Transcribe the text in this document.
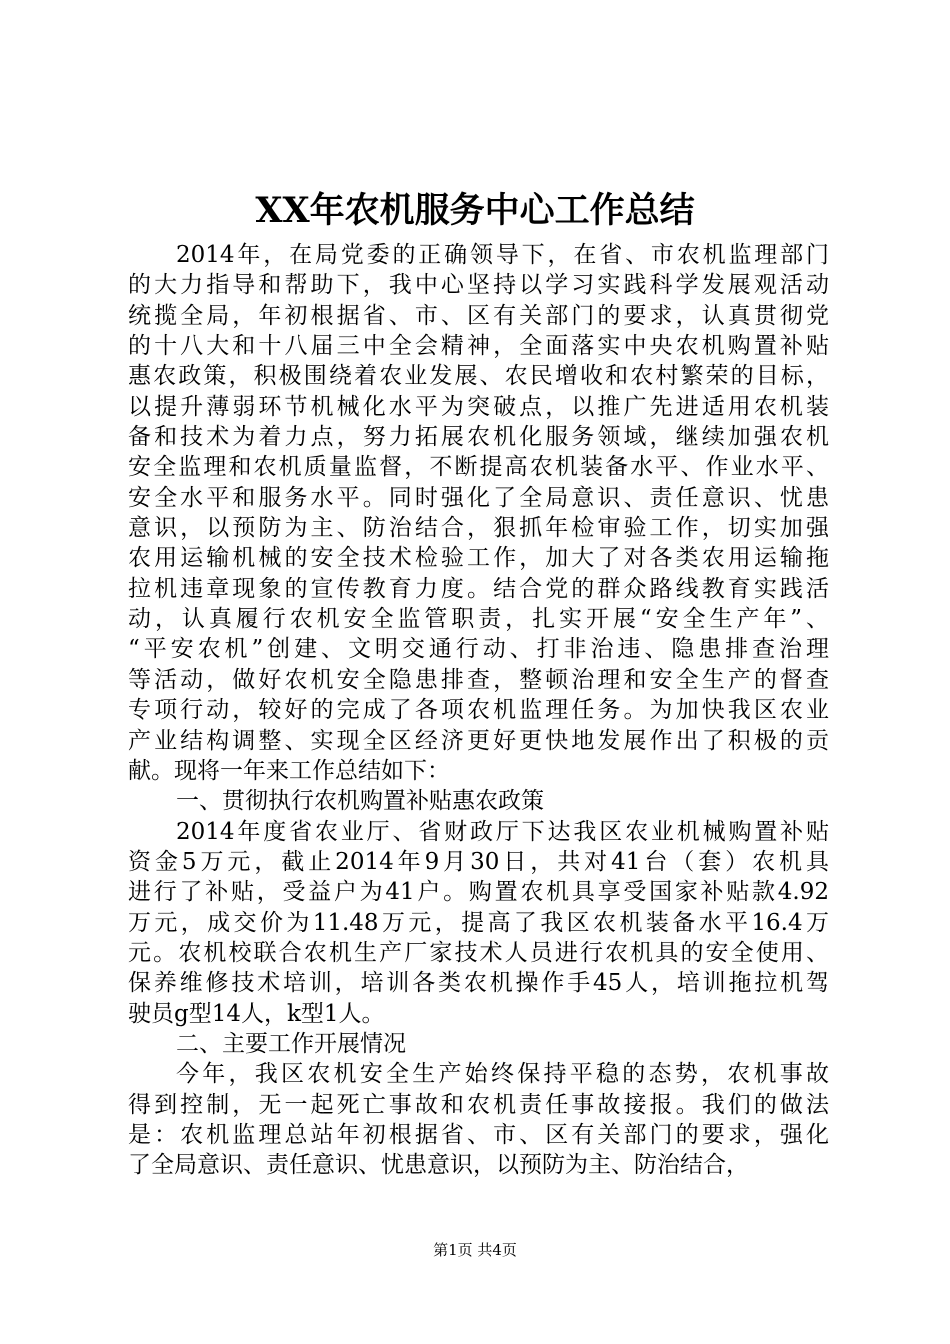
XX年农机服务中心工作总结
2014年，在局党委的正确领导下，在省、市农机监理部门
的大力指导和帮助下，我中心坚持以学习实践科学发展观活动
统揽全局，年初根据省、市、区有关部门的要求，认真贯彻党
的十八大和十八届三中全会精神，全面落实中央农机购置补贴
惠农政策，积极围绕着农业发展、农民增收和农村繁荣的目标，
以提升薄弱环节机械化水平为突破点，以推广先进适用农机装
备和技术为着力点，努力拓展农机化服务领域，继续加强农机
安全监理和农机质量监督，不断提高农机装备水平、作业水平、
安全水平和服务水平。同时强化了全局意识、责任意识、忧患
意识，以预防为主、防治结合，狠抓年检审验工作，切实加强
农用运输机械的安全技术检验工作，加大了对各类农用运输拖
拉机违章现象的宣传教育力度。结合党的群众路线教育实践活
动，认真履行农机安全监管职责，扎实开展“安全生产年”、
“平安农机”创建、文明交通行动、打非治违、隐患排查治理
等活动，做好农机安全隐患排查，整顿治理和安全生产的督查
专项行动，较好的完成了各项农机监理任务。为加快我区农业
产业结构调整、实现全区经济更好更快地发展作出了积极的贡
献。现将一年来工作总结如下：
一、贯彻执行农机购置补贴惠农政策
2014年度省农业厅、省财政厅下达我区农业机械购置补贴
资金5万元，截止2014年9月30日，共对41台（套）农机具
进行了补贴，受益户为41户。购置农机具享受国家补贴款4.92
万元，成交价为11.48万元，提高了我区农机装备水平16.4万
元。农机校联合农机生产厂家技术人员进行农机具的安全使用、
保养维修技术培训，培训各类农机操作手45人，培训拖拉机驾
驶员g型14人，k型1人。
二、主要工作开展情况
今年，我区农机安全生产始终保持平稳的态势，农机事故
得到控制，无一起死亡事故和农机责任事故接报。我们的做法
是：农机监理总站年初根据省、市、区有关部门的要求，强化
了全局意识、责任意识、忧患意识，以预防为主、防治结合，
第1页 共4页
